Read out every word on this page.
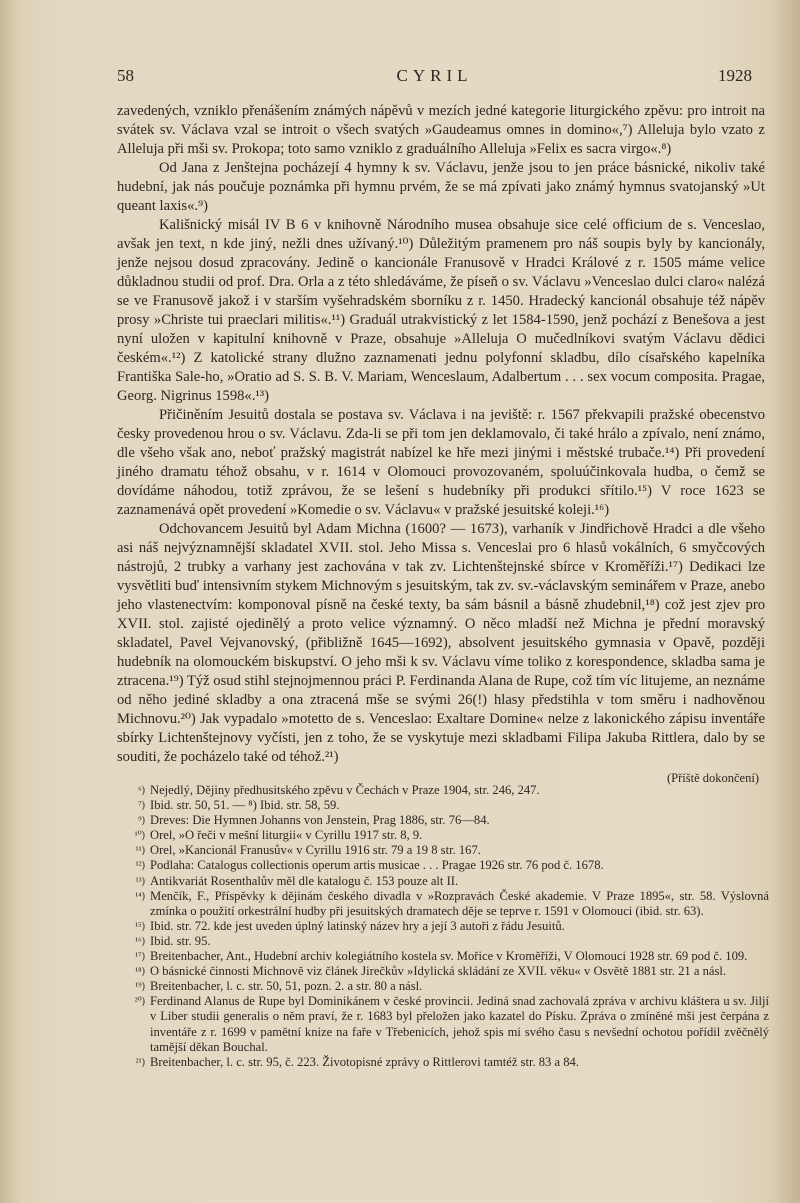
58	CYRIL	1928

zavedených, vzniklo přenášením známých nápěvů v mezích jedné kategorie liturgického zpěvu: pro introit na svátek sv. Václava vzal se introit o všech svatých »Gaudeamus omnes in domino«,⁷) Alleluja bylo vzato z Alleluja při mši sv. Prokopa; toto samo vzniklo z graduálního Alleluja »Felix es sacra virgo«.⁸)

Od Jana z Jenštejna pocházejí 4 hymny k sv. Václavu, jenže jsou to jen práce básnické, nikoliv také hudební, jak nás poučuje poznámka při hymnu prvém, že se má zpívati jako známý hymnus svatojanský »Ut queant laxis«.⁹)

Kališnický misál IV B 6 v knihovně Národního musea obsahuje sice celé officium de s. Venceslao, avšak jen text, n kde jiný, nežli dnes užívaný.¹⁰) Důležitým pramenem pro náš soupis byly by kancionály, jenže nejsou dosud zpracovány. Jedině o kancionále Franusově v Hradci Králové z r. 1505 máme velice důkladnou studii od prof. Dra. Orla a z této shledáváme, že píseň o sv. Václavu »Venceslao dulci claro« nalézá se ve Franusově jakož i v starším vyšehradském sborníku z r. 1450. Hradecký kancionál obsahuje též nápěv prosy »Christe tui praeclari militis«.¹¹) Graduál utrakvistický z let 1584-1590, jenž pochází z Benešova a jest nyní uložen v kapitulní knihovně v Praze, obsahuje »Alleluja O mučedlníkovi svatým Václavu dědici českém«.¹²) Z katolické strany dlužno zaznamenati jednu polyfonní skladbu, dílo císařského kapelníka Františka Sale-ho, »Oratio ad S. S. B. V. Mariam, Wenceslaum, Adalbertum . . . sex vocum composita. Pragae, Georg. Nigrinus 1598«.¹³)

Přičiněním Jesuitů dostala se postava sv. Václava i na jeviště: r. 1567 překvapili pražské obecenstvo česky provedenou hrou o sv. Václavu. Zda-li se při tom jen deklamovalo, či také hrálo a zpívalo, není známo, dle všeho však ano, neboť pražský magistrát nabízel ke hře mezi jinými i městské trubače.¹⁴) Při provedení jiného dramatu téhož obsahu, v r. 1614 v Olomouci provozovaném, spoluúčinkovala hudba, o čemž se dovídáme náhodou, totiž zprávou, že se lešení s hudebníky při produkci sřítilo.¹⁵) V roce 1623 se zaznamenává opět provedení »Komedie o sv. Václavu« v pražské jesuitské koleji.¹⁶)

Odchovancem Jesuitů byl Adam Michna (1600? — 1673), varhaník v Jindřichově Hradci a dle všeho asi náš nejvýznamnější skladatel XVII. stol. Jeho Missa s. Venceslai pro 6 hlasů vokálních, 6 smyčcových nástrojů, 2 trubky a varhany jest zachována v tak zv. Lichtenštejnské sbírce v Kroměříži.¹⁷) Dedikaci lze vysvětliti buď intensivním stykem Michnovým s jesuitským, tak zv. sv.-václavským seminářem v Praze, anebo jeho vlastenectvím: komponoval písně na české texty, ba sám básnil a básně zhudebnil,¹⁸) což jest zjev pro XVII. stol. zajisté ojedinělý a proto velice významný. O něco mladší než Michna je přední moravský skladatel, Pavel Vejvanovský, (přibližně 1645—1692), absolvent jesuitského gymnasia v Opavě, později hudebník na olomouckém biskupství. O jeho mši k sv. Václavu víme toliko z korespondence, skladba sama je ztracena.¹⁹) Týž osud stihl stejnojmennou práci P. Ferdinanda Alana de Rupe, což tím víc litujeme, an neznáme od něho jediné skladby a ona ztracená mše se svými 26(!) hlasy předstihla v tom směru i nadhověnou Michnovu.²⁰) Jak vypadalo »motetto de s. Venceslao: Exaltare Domine« nelze z lakonického zápisu inventáře sbírky Lichtenštejnovy vyčísti, jen z toho, že se vyskytuje mezi skladbami Filipa Jakuba Rittlera, dalo by se souditi, že pocházelo také od téhož.²¹)

(Příště dokončení)
⁶) Nejedlý, Dějiny předhusitského zpěvu v Čechách v Praze 1904, str. 246, 247.
⁷) Ibid. str. 50, 51. — ⁸) Ibid. str. 58, 59.
⁹) Dreves: Die Hymnen Johanns von Jenstein, Prag 1886, str. 76—84.
¹⁰) Orel, »O řeči v mešní liturgii« v Cyrillu 1917 str. 8, 9.
¹¹) Orel, »Kancionál Franusův« v Cyrillu 1916 str. 79 a 19 8 str. 167.
¹²) Podlaha: Catalogus collectionis operum artis musicae . . . Pragae 1926 str. 76 pod č. 1678.
¹³) Antikvariát Rosenthalův měl dle katalogu č. 153 pouze alt II.
¹⁴) Menčík, F., Příspěvky k dějinám českého divadla v »Rozpravách České akademie. V Praze 1895«, str. 58. Výslovná zmínka o použití orkestrální hudby při jesuitských dramatech děje se teprve r. 1591 v Olomouci (ibid. str. 63).
¹⁵) Ibid. str. 72. kde jest uveden úplný latinský název hry a její 3 autoři z řádu Jesuitů.
¹⁶) Ibid. str. 95.
¹⁷) Breitenbacher, Ant., Hudební archiv kolegiátního kostela sv. Mořice v Kroměříži, V Olomouci 1928 str. 69 pod č. 109.
¹⁸) O básnické činnosti Michnově viz článek Jirečkův »Idylická skládání ze XVII. věku« v Osvětě 1881 str. 21 a násl.
¹⁹) Breitenbacher, l. c. str. 50, 51, pozn. 2. a str. 80 a násl.
²⁰) Ferdinand Alanus de Rupe byl Dominikánem v české provincii. Jediná snad zachovalá zpráva v archivu kláštera u sv. Jiljí v Liber studii generalis o něm praví, že r. 1683 byl přeložen jako kazatel do Písku. Zpráva o zmíněné mši jest čerpána z inventáře z r. 1699 v pamětní knize na faře v Třebenicích, jehož spis mi svého času s nevšední ochotou pořídil zvěčnělý tamější děkan Bouchal.
²¹) Breitenbacher, l. c. str. 95, č. 223. Životopisné zprávy o Rittlerovi tamtéž str. 83 a 84.
